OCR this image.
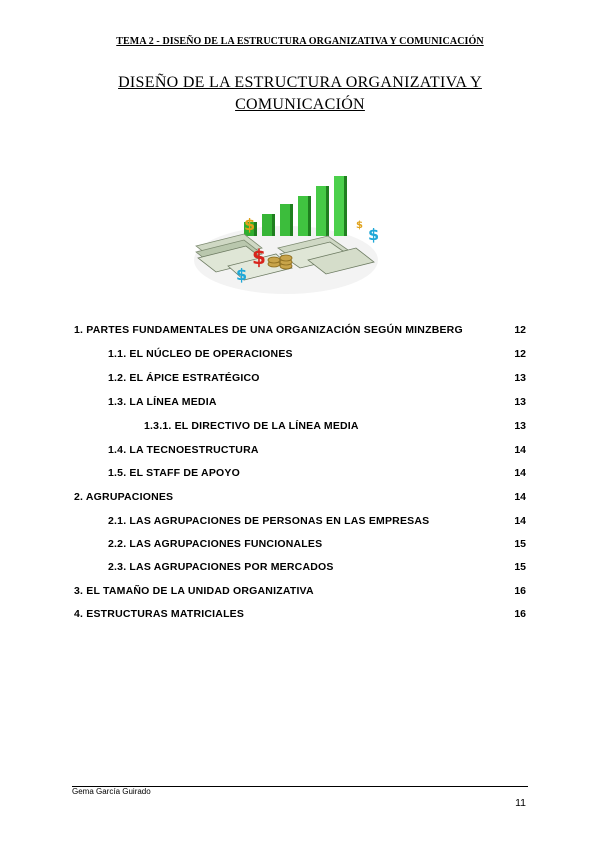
TEMA 2 - DISEÑO DE LA ESTRUCTURA ORGANIZATIVA Y COMUNICACIÓN
DISEÑO DE LA ESTRUCTURA ORGANIZATIVA Y
COMUNICACIÓN
$
$
$
$
$
1. PARTES FUNDAMENTALES DE UNA ORGANIZACIÓN SEGÚN MINZBERG	12
1.1. EL NÚCLEO DE OPERACIONES	12
1.2. EL ÁPICE ESTRATÉGICO	13
1.3. LA LÍNEA MEDIA	13
1.3.1. EL DIRECTIVO DE LA LÍNEA MEDIA	13
1.4. LA TECNOESTRUCTURA	14
1.5. EL STAFF DE APOYO	14
2. AGRUPACIONES	14
2.1. LAS AGRUPACIONES DE PERSONAS EN LAS EMPRESAS	14
2.2. LAS AGRUPACIONES FUNCIONALES	15
2.3. LAS AGRUPACIONES POR MERCADOS	15
3. EL TAMAÑO DE LA UNIDAD ORGANIZATIVA	16
4. ESTRUCTURAS MATRICIALES	16
Gema García Guirado
11
